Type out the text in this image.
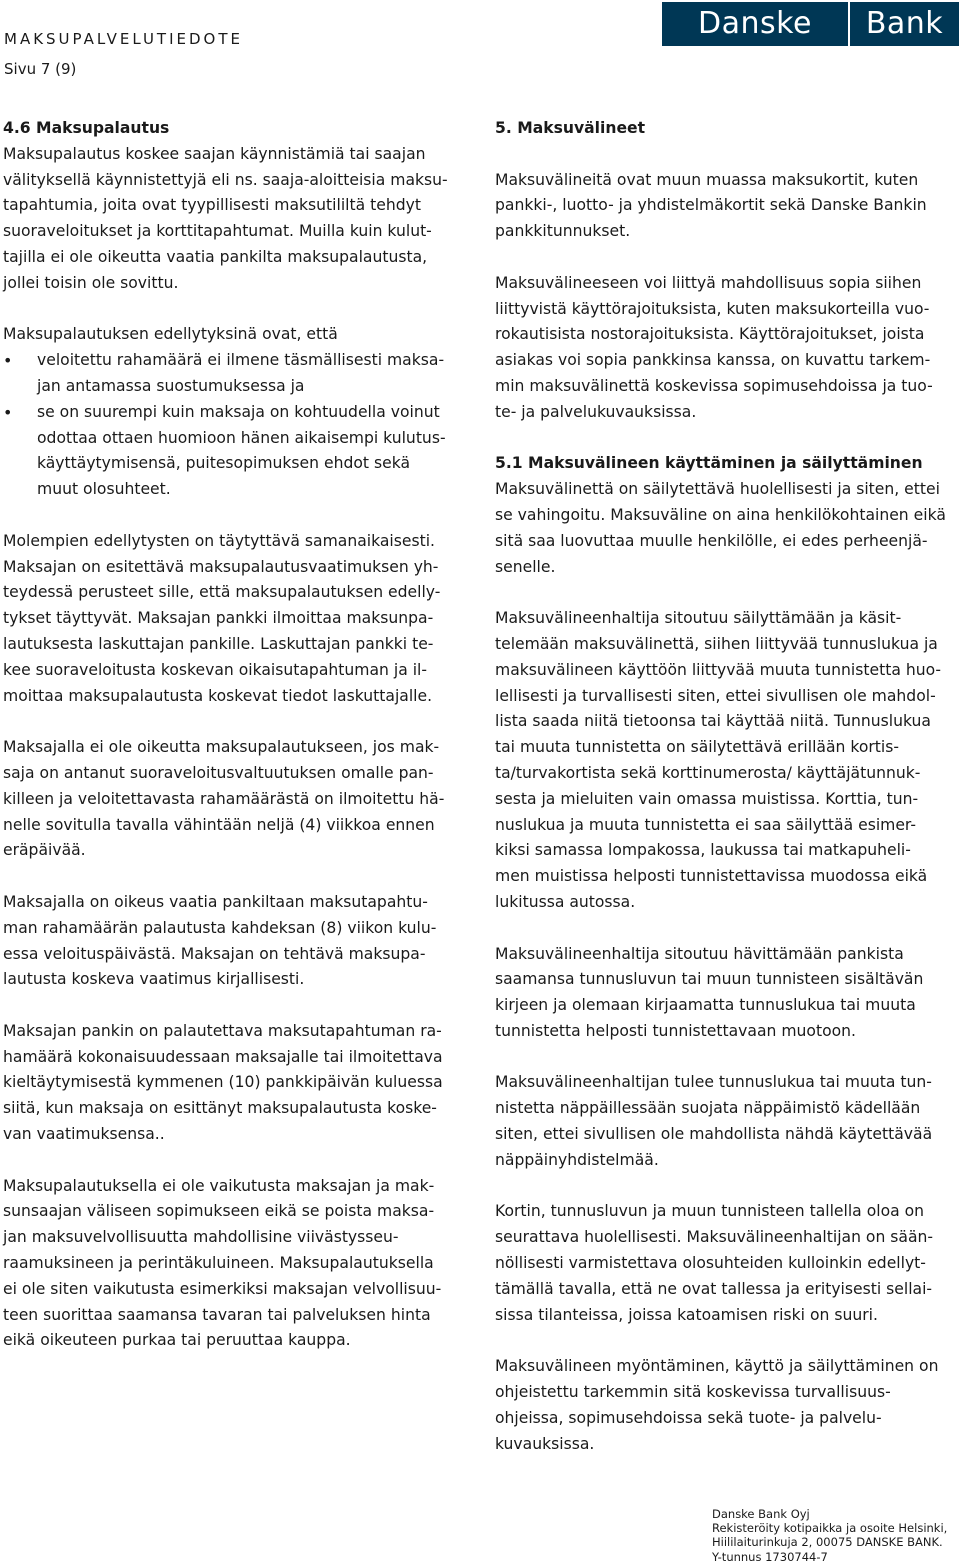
MAKSUPALVELUTIEDOTE
Sivu 7 (9)
Danske	Bank
4.6 Maksupalautus

Maksupalautus koskee saajan käynnistämiä tai saajan
välityksellä käynnistettyjä eli ns. saaja-aloitteisia maksu-
tapahtumia, joita ovat tyypillisesti maksutililtä tehdyt
suoraveloitukset ja korttitapahtumat. Muilla kuin kulut-
tajilla ei ole oikeutta vaatia pankilta maksupalautusta,
jollei toisin ole sovittu.

Maksupalautuksen edellytyksinä ovat, että

• veloitettu rahamäärä ei ilmene täsmällisesti maksa-
jan antamassa suostumuksessa ja
• se on suurempi kuin maksaja on kohtuudella voinut
odottaa ottaen huomioon hänen aikaisempi kulutus-
käyttäytymisensä, puitesopimuksen ehdot sekä
muut olosuhteet.

Molempien edellytysten on täytyttävä samanaikaisesti.
Maksajan on esitettävä maksupalautusvaatimuksen yh-
teydessä perusteet sille, että maksupalautuksen edelly-
tykset täyttyvät. Maksajan pankki ilmoittaa maksunpa-
lautuksesta laskuttajan pankille. Laskuttajan pankki te-
kee suoraveloitusta koskevan oikaisutapahtuman ja il-
moittaa maksupalautusta koskevat tiedot laskuttajalle.

Maksajalla ei ole oikeutta maksupalautukseen, jos mak-
saja on antanut suoraveloitusvaltuutuksen omalle pan-
killeen ja veloitettavasta rahamäärästä on ilmoitettu hä-
nelle sovitulla tavalla vähintään neljä (4) viikkoa ennen
eräpäivää.

Maksajalla on oikeus vaatia pankiltaan maksutapahtu-
man rahamäärän palautusta kahdeksan (8) viikon kulu-
essa veloituspäivästä. Maksajan on tehtävä maksupa-
lautusta koskeva vaatimus kirjallisesti.

Maksajan pankin on palautettava maksutapahtuman ra-
hamäärä kokonaisuudessaan maksajalle tai ilmoitettava
kieltäytymisestä kymmenen (10) pankkipäivän kuluessa
siitä, kun maksaja on esittänyt maksupalautusta koske-
van vaatimuksensa..

Maksupalautuksella ei ole vaikutusta maksajan ja mak-
sunsaajan väliseen sopimukseen eikä se poista maksa-
jan maksuvelvollisuutta mahdollisine viivästysseu-
raamuksineen ja perintäkuluineen. Maksupalautuksella
ei ole siten vaikutusta esimerkiksi maksajan velvollisuu-
teen suorittaa saamansa tavaran tai palveluksen hinta
eikä oikeuteen purkaa tai peruuttaa kauppa.

5. Maksuvälineet

Maksuvälineitä ovat muun muassa maksukortit, kuten
pankki-, luotto- ja yhdistelmäkortit sekä Danske Bankin
pankkitunnukset.

Maksuvälineeseen voi liittyä mahdollisuus sopia siihen
liittyvistä käyttörajoituksista, kuten maksukorteilla vuo-
rokautisista nostorajoituksista. Käyttörajoitukset, joista
asiakas voi sopia pankkinsa kanssa, on kuvattu tarkem-
min maksuvälinettä koskevissa sopimusehdoissa ja tuo-
te- ja palvelukuvauksissa.

5.1 Maksuvälineen käyttäminen ja säilyttäminen

Maksuvälinettä on säilytettävä huolellisesti ja siten, ettei
se vahingoitu. Maksuväline on aina henkilökohtainen eikä
sitä saa luovuttaa muulle henkilölle, ei edes perheenjä-
senelle.

Maksuvälineenhaltija sitoutuu säilyttämään ja käsit-
telemään maksuvälinettä, siihen liittyvää tunnuslukua ja
maksuvälineen käyttöön liittyvää muuta tunnistetta huo-
lellisesti ja turvallisesti siten, ettei sivullisen ole mahdol-
lista saada niitä tietoonsa tai käyttää niitä. Tunnuslukua
tai muuta tunnistetta on säilytettävä erillään kortis-
ta/turvakortista sekä korttinumerosta/ käyttäjätunnuk-
sesta ja mieluiten vain omassa muistissa. Korttia, tun-
nuslukua ja muuta tunnistetta ei saa säilyttää esimer-
kiksi samassa lompakossa, laukussa tai matkapuheli-
men muistissa helposti tunnistettavissa muodossa eikä
lukitussa autossa.

Maksuvälineenhaltija sitoutuu hävittämään pankista
saamansa tunnusluvun tai muun tunnisteen sisältävän
kirjeen ja olemaan kirjaamatta tunnuslukua tai muuta
tunnistetta helposti tunnistettavaan muotoon.

Maksuvälineenhaltijan tulee tunnuslukua tai muuta tun-
nistetta näppäillessään suojata näppäimistö kädellään
siten, ettei sivullisen ole mahdollista nähdä käytettävää
näppäinyhdistelmää.

Kortin, tunnusluvun ja muun tunnisteen tallella oloa on
seurattava huolellisesti. Maksuvälineenhaltijan on sään-
nöllisesti varmistettava olosuhteiden kulloinkin edellyt-
tämällä tavalla, että ne ovat tallessa ja erityisesti sellai-
sissa tilanteissa, joissa katoamisen riski on suuri.

Maksuvälineen myöntäminen, käyttö ja säilyttäminen on
ohjeistettu tarkemmin sitä koskevissa turvallisuus-
ohjeissa, sopimusehdoissa sekä tuote- ja palvelu-
kuvauksissa.

Danske Bank Oyj
Rekisteröity kotipaikka ja osoite Helsinki,
Hiililaiturinkuja 2, 00075 DANSKE BANK.
Y-tunnus 1730744-7
